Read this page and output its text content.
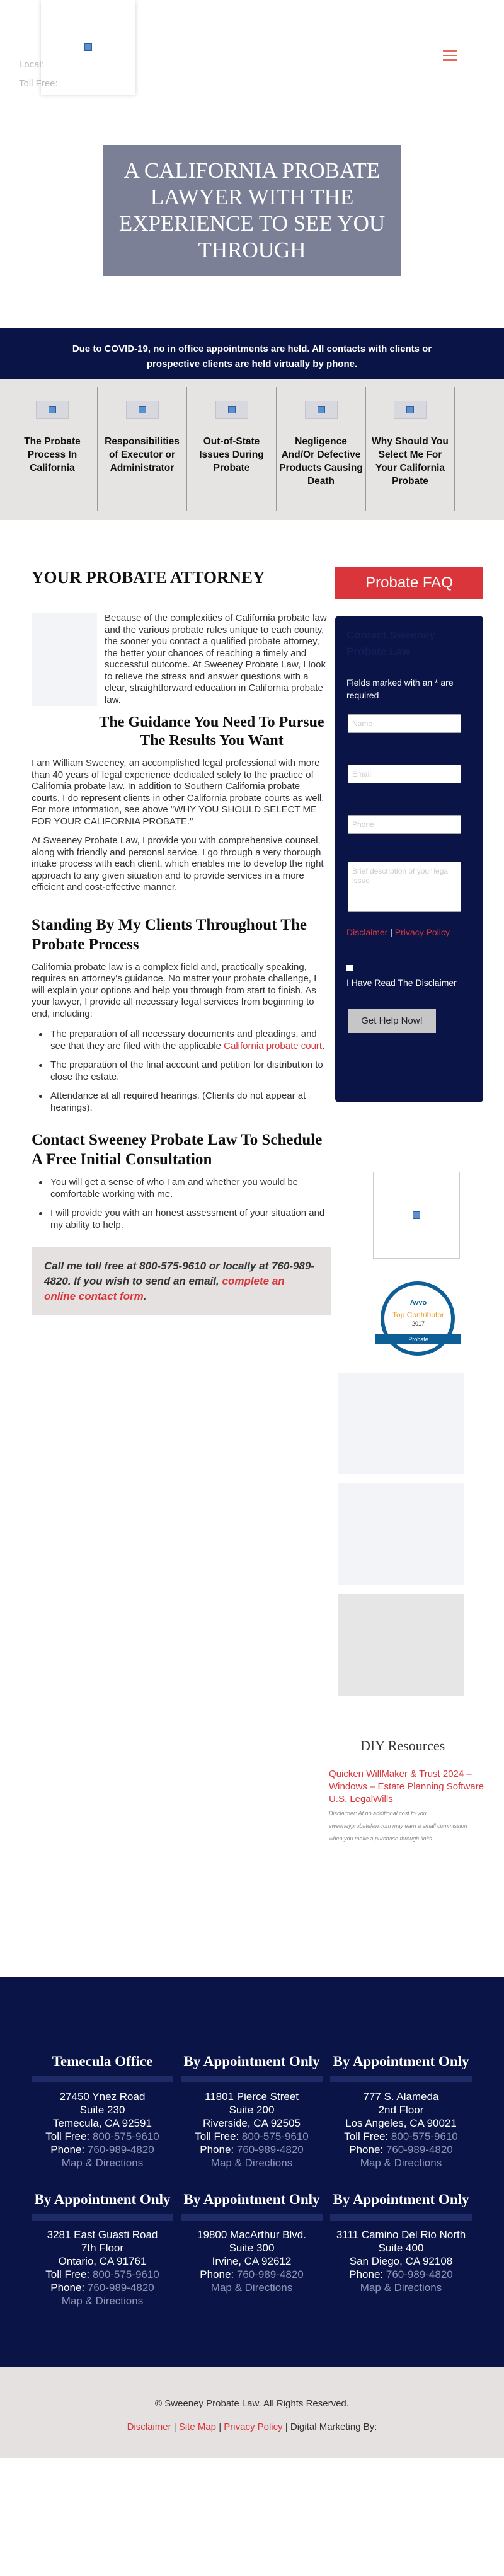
Local:
Toll Free:
A CALIFORNIA PROBATE LAWYER WITH THE EXPERIENCE TO SEE YOU THROUGH
Due to COVID-19, no in office appointments are held. All contacts with clients or prospective clients are held virtually by phone.
The Probate Process In California
Responsibilities of Executor or Administrator
Out-of-State Issues During Probate
Negligence And/Or Defective Products Causing Death
Why Should You Select Me For Your California Probate
YOUR PROBATE ATTORNEY

Because of the complexities of California probate law and the various probate rules unique to each county, the sooner you contact a qualified probate attorney, the better your chances of reaching a timely and successful outcome. At Sweeney Probate Law, I look to relieve the stress and answer questions with a clear, straightforward education in California probate law.

The Guidance You Need To Pursue The Results You Want

I am William Sweeney, an accomplished legal professional with more than 40 years of legal experience dedicated solely to the practice of California probate law. In addition to Southern California probate courts, I do represent clients in other California probate courts as well. For more information, see above "WHY YOU SHOULD SELECT ME FOR YOUR CALIFORNIA PROBATE."

At Sweeney Probate Law, I provide you with comprehensive counsel, along with friendly and personal service. I go through a very thorough intake process with each client, which enables me to develop the right approach to any given situation and to provide services in a more efficient and cost-effective manner.

Standing By My Clients Throughout The Probate Process

California probate law is a complex field and, practically speaking, requires an attorney's guidance. No matter your probate challenge, I will explain your options and help you through from start to finish. As your lawyer, I provide all necessary legal services from beginning to end, including:

The preparation of all necessary documents and pleadings, and see that they are filed with the applicable California probate court.
The preparation of the final account and petition for distribution to close the estate.
Attendance at all required hearings. (Clients do not appear at hearings).
Contact Sweeney Probate Law To Schedule A Free Initial Consultation
You will get a sense of who I am and whether you would be comfortable working with me.
I will provide you with an honest assessment of your situation and my ability to help.
Call me toll free at 800-575-9610 or locally at 760-989-4820. If you wish to send an email, complete an online contact form.
Probate FAQ
Contact Sweeney Probate Law
Fields marked with an * are required
Name
Email
Phone
Brief description of your legal issue
Disclaimer | Privacy Policy

I Have Read The Disclaimer
Get Help Now!
Avvo
Top Contributor
2017
Probate
DIY Resources
Quicken WillMaker & Trust 2024 – Windows – Estate Planning Software
U.S. LegalWills
Disclaimer: At no additional cost to you, sweeneyprobatelaw.com may earn a small commission when you make a purchase through links.
Temecula Office
27450 Ynez Road
Suite 230
Temecula, CA 92591
Toll Free: 800-575-9610
Phone: 760-989-4820
Map & Directions
By Appointment Only
11801 Pierce Street
Suite 200
Riverside, CA 92505
Toll Free: 800-575-9610
Phone: 760-989-4820
Map & Directions
By Appointment Only
777 S. Alameda
2nd Floor
Los Angeles, CA 90021
Toll Free: 800-575-9610
Phone: 760-989-4820
Map & Directions
By Appointment Only
3281 East Guasti Road
7th Floor
Ontario, CA 91761
Toll Free: 800-575-9610
Phone: 760-989-4820
Map & Directions
By Appointment Only
19800 MacArthur Blvd.
Suite 300
Irvine, CA 92612
Phone: 760-989-4820
Map & Directions
By Appointment Only
3111 Camino Del Rio North
Suite 400
San Diego, CA 92108
Phone: 760-989-4820
Map & Directions
© Sweeney Probate Law. All Rights Reserved.
Disclaimer | Site Map | Privacy Policy | Digital Marketing By:
